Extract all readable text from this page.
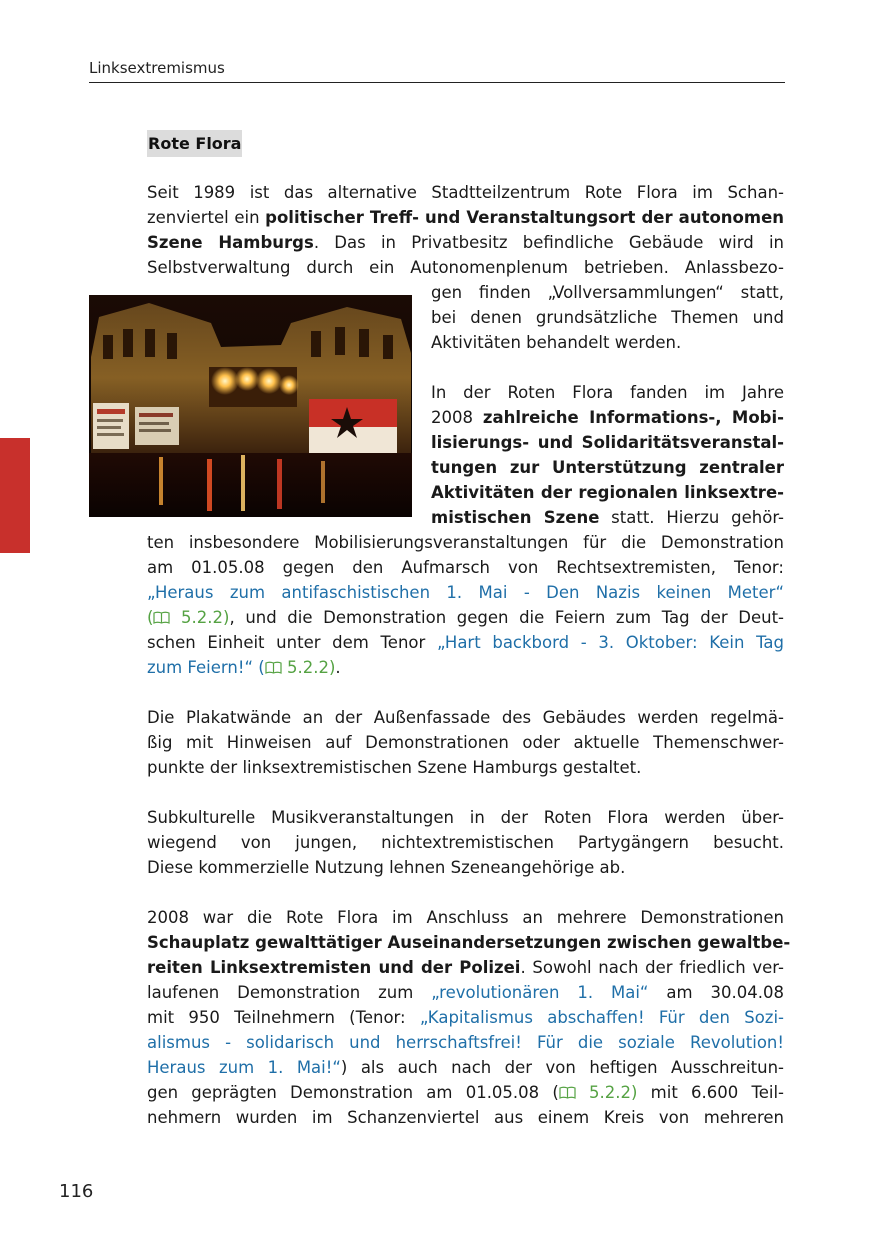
Linksextremismus
Rote Flora
Seit 1989 ist das alternative Stadtteilzentrum Rote Flora im Schan-
zenviertel ein politischer Treff- und Veranstaltungsort der autonomen
Szene Hamburgs. Das in Privatbesitz befindliche Gebäude wird in
Selbstverwaltung durch ein Autonomenplenum betrieben. Anlassbezo-
gen finden „Vollversammlungen“ statt,
bei denen grundsätzliche Themen und
Aktivitäten behandelt werden.
In der Roten Flora fanden im Jahre
2008 zahlreiche Informations-, Mobi-
lisierungs- und Solidaritätsveranstal-
tungen zur Unterstützung zentraler
Aktivitäten der regionalen linksextre-
mistischen Szene statt. Hierzu gehör-
ten insbesondere Mobilisierungsveranstaltungen für die Demonstration
am 01.05.08 gegen den Aufmarsch von Rechtsextremisten, Tenor:
„Heraus zum antifaschistischen 1. Mai - Den Nazis keinen Meter“
( 5.2.2), und die Demonstration gegen die Feiern zum Tag der Deut-
schen Einheit unter dem Tenor „Hart backbord - 3. Oktober: Kein Tag
zum Feiern!“ ( 5.2.2).
Die Plakatwände an der Außenfassade des Gebäudes werden regelmä-
ßig mit Hinweisen auf Demonstrationen oder aktuelle Themenschwer-
punkte der linksextremistischen Szene Hamburgs gestaltet.
Subkulturelle Musikveranstaltungen in der Roten Flora werden über-
wiegend von jungen, nichtextremistischen Partygängern besucht.
Diese kommerzielle Nutzung lehnen Szeneangehörige ab.
2008 war die Rote Flora im Anschluss an mehrere Demonstrationen
Schauplatz gewalttätiger Auseinandersetzungen zwischen gewaltbe-
reiten Linksextremisten und der Polizei. Sowohl nach der friedlich ver-
laufenen Demonstration zum „revolutionären 1. Mai“ am 30.04.08
mit 950 Teilnehmern (Tenor: „Kapitalismus abschaffen! Für den Sozi-
alismus - solidarisch und herrschaftsfrei! Für die soziale Revolution!
Heraus zum 1. Mai!“) als auch nach der von heftigen Ausschreitun-
gen geprägten Demonstration am 01.05.08 ( 5.2.2) mit 6.600 Teil-
nehmern wurden im Schanzenviertel aus einem Kreis von mehreren
116
